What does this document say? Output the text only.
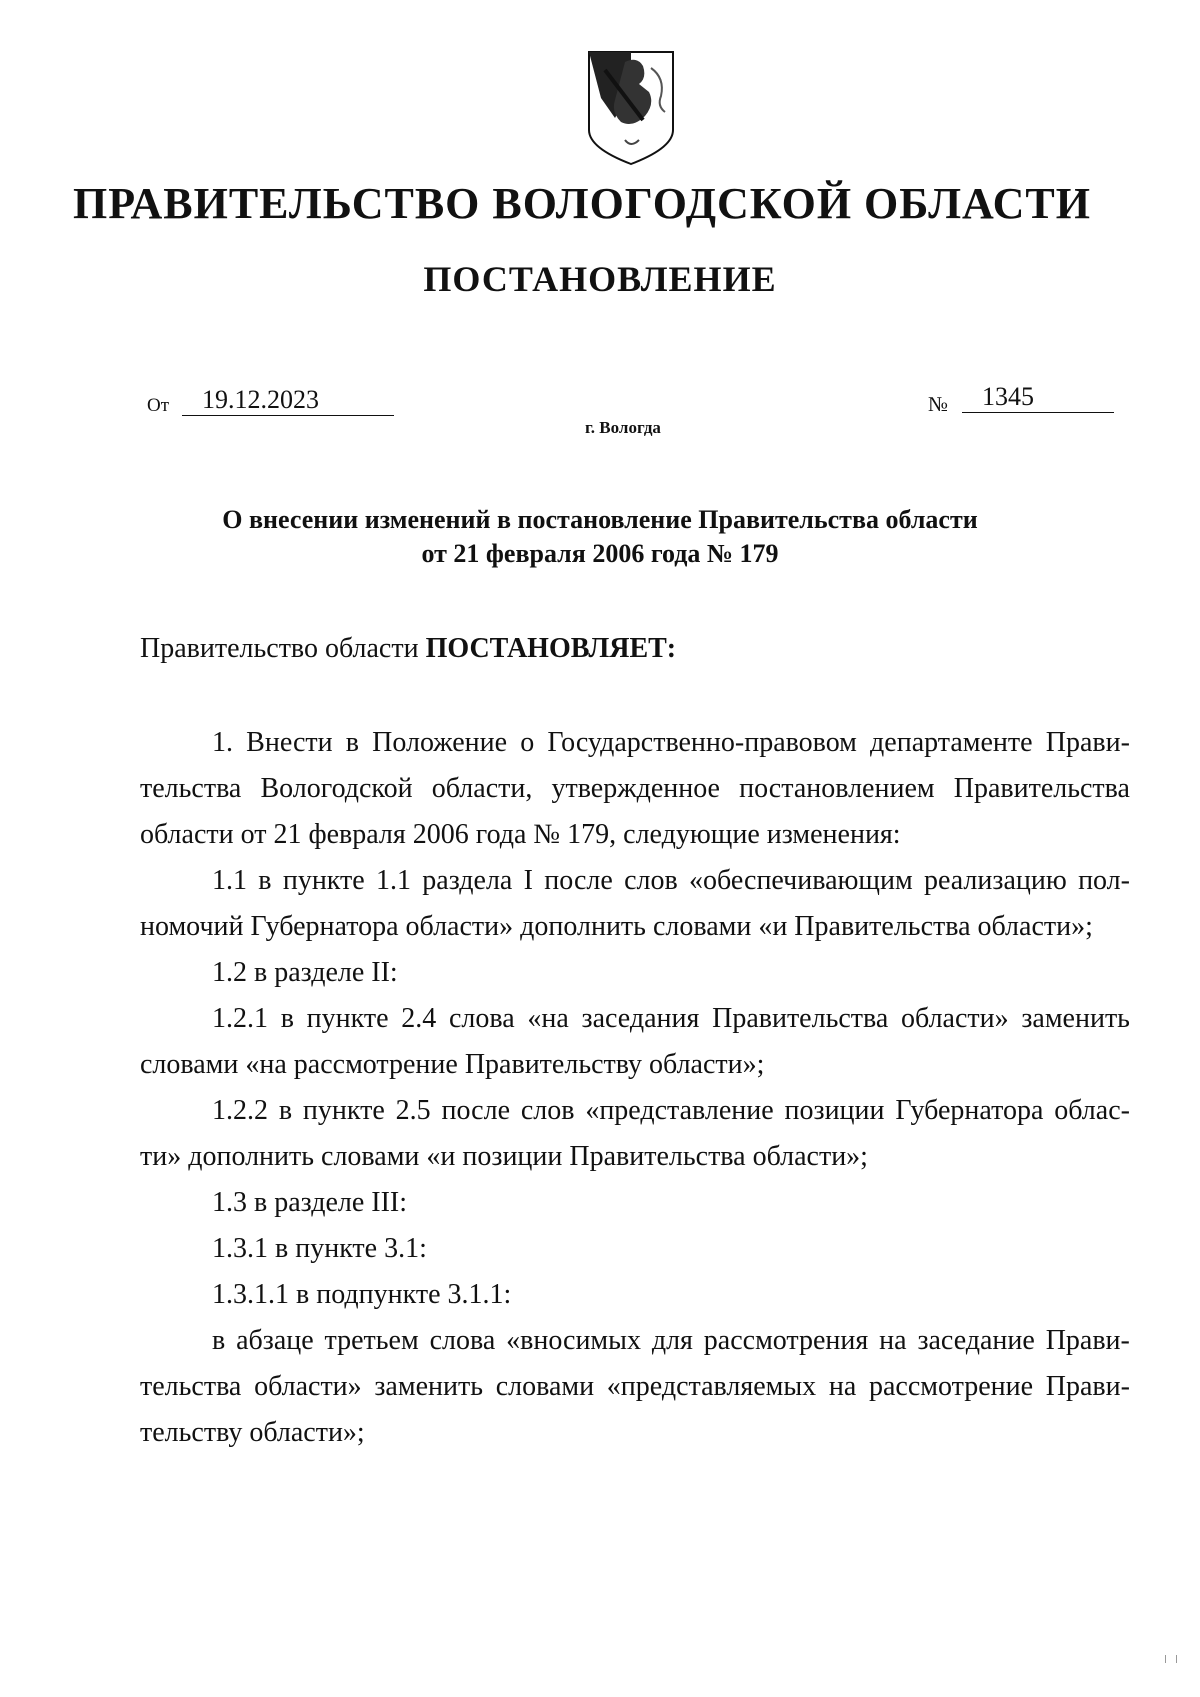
ПРАВИТЕЛЬСТВО ВОЛОГОДСКОЙ ОБЛАСТИ
ПОСТАНОВЛЕНИЕ
От 19.12.2023	№ 1345
г. Вологда
О внесении изменений в постановление Правительства области
от 21 февраля 2006 года № 179
Правительство области ПОСТАНОВЛЯЕТ:
1. Внести в Положение о Государственно-правовом департаменте Прави-
тельства Вологодской области, утвержденное постановлением Правительства
области от 21 февраля 2006 года № 179, следующие изменения:
1.1 в пункте 1.1 раздела I после слов «обеспечивающим реализацию пол-
номочий Губернатора области» дополнить словами «и Правительства области»;
1.2 в разделе II:
1.2.1 в пункте 2.4 слова «на заседания Правительства области» заменить
словами «на рассмотрение Правительству области»;
1.2.2 в пункте 2.5 после слов «представление позиции Губернатора облас-
ти» дополнить словами «и позиции Правительства области»;
1.3 в разделе III:
1.3.1 в пункте 3.1:
1.3.1.1 в подпункте 3.1.1:
в абзаце третьем слова «вносимых для рассмотрения на заседание Прави-
тельства области» заменить словами «представляемых на рассмотрение Прави-
тельству области»;
